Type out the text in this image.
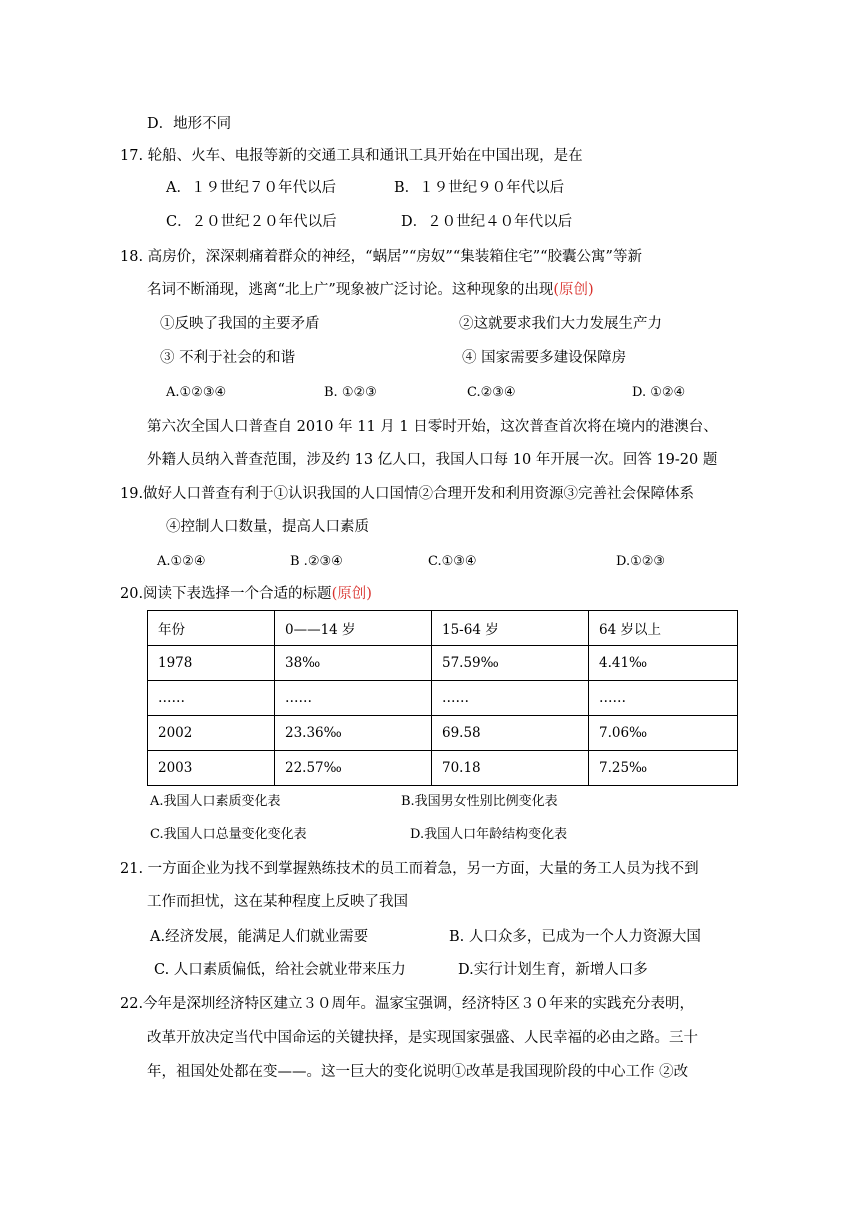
D．地形不同
17. 轮船、火车、电报等新的交通工具和通讯工具开始在中国出现，是在
A．１９世纪７０年代以后	B．１９世纪９０年代以后
C．２０世纪２０年代以后	D．２０世纪４０年代以后
18. 高房价，深深刺痛着群众的神经，“蜗居”“房奴”“集装箱住宅”“胶囊公寓”等新
名词不断涌现，逃离“北上广”现象被广泛讨论。这种现象的出现(原创)
①反映了我国的主要矛盾	②这就要求我们大力发展生产力
③ 不利于社会的和谐	④ 国家需要多建设保障房
A.①②③④	B. ①②③	C.②③④	D. ①②④
第六次全国人口普查自 2010 年 11 月 1 日零时开始，这次普查首次将在境内的港澳台、
外籍人员纳入普查范围，涉及约 13 亿人口，我国人口每 10 年开展一次。回答 19-20 题
19.做好人口普查有利于①认识我国的人口国情②合理开发和利用资源③完善社会保障体系
④控制人口数量，提高人口素质
A.①②④	B .②③④	C.①③④	D.①②③
20.阅读下表选择一个合适的标题(原创)
年份	0——14 岁	15-64 岁	64 岁以上
1978	38‰	57.59‰	4.41‰
……	……	……	……
2002	23.36‰	69.58	7.06‰
2003	22.57‰	70.18	7.25‰
A.我国人口素质变化表	B.我国男女性别比例变化表
C.我国人口总量变化变化表	D.我国人口年龄结构变化表
21. 一方面企业为找不到掌握熟练技术的员工而着急，另一方面，大量的务工人员为找不到
工作而担忧，这在某种程度上反映了我国
A.经济发展，能满足人们就业需要	B. 人口众多，已成为一个人力资源大国
C. 人口素质偏低，给社会就业带来压力	D.实行计划生育，新增人口多
22.今年是深圳经济特区建立３０周年。温家宝强调，经济特区３０年来的实践充分表明，
改革开放决定当代中国命运的关键抉择，是实现国家强盛、人民幸福的必由之路。三十
年，祖国处处都在变——。这一巨大的变化说明①改革是我国现阶段的中心工作 ②改
